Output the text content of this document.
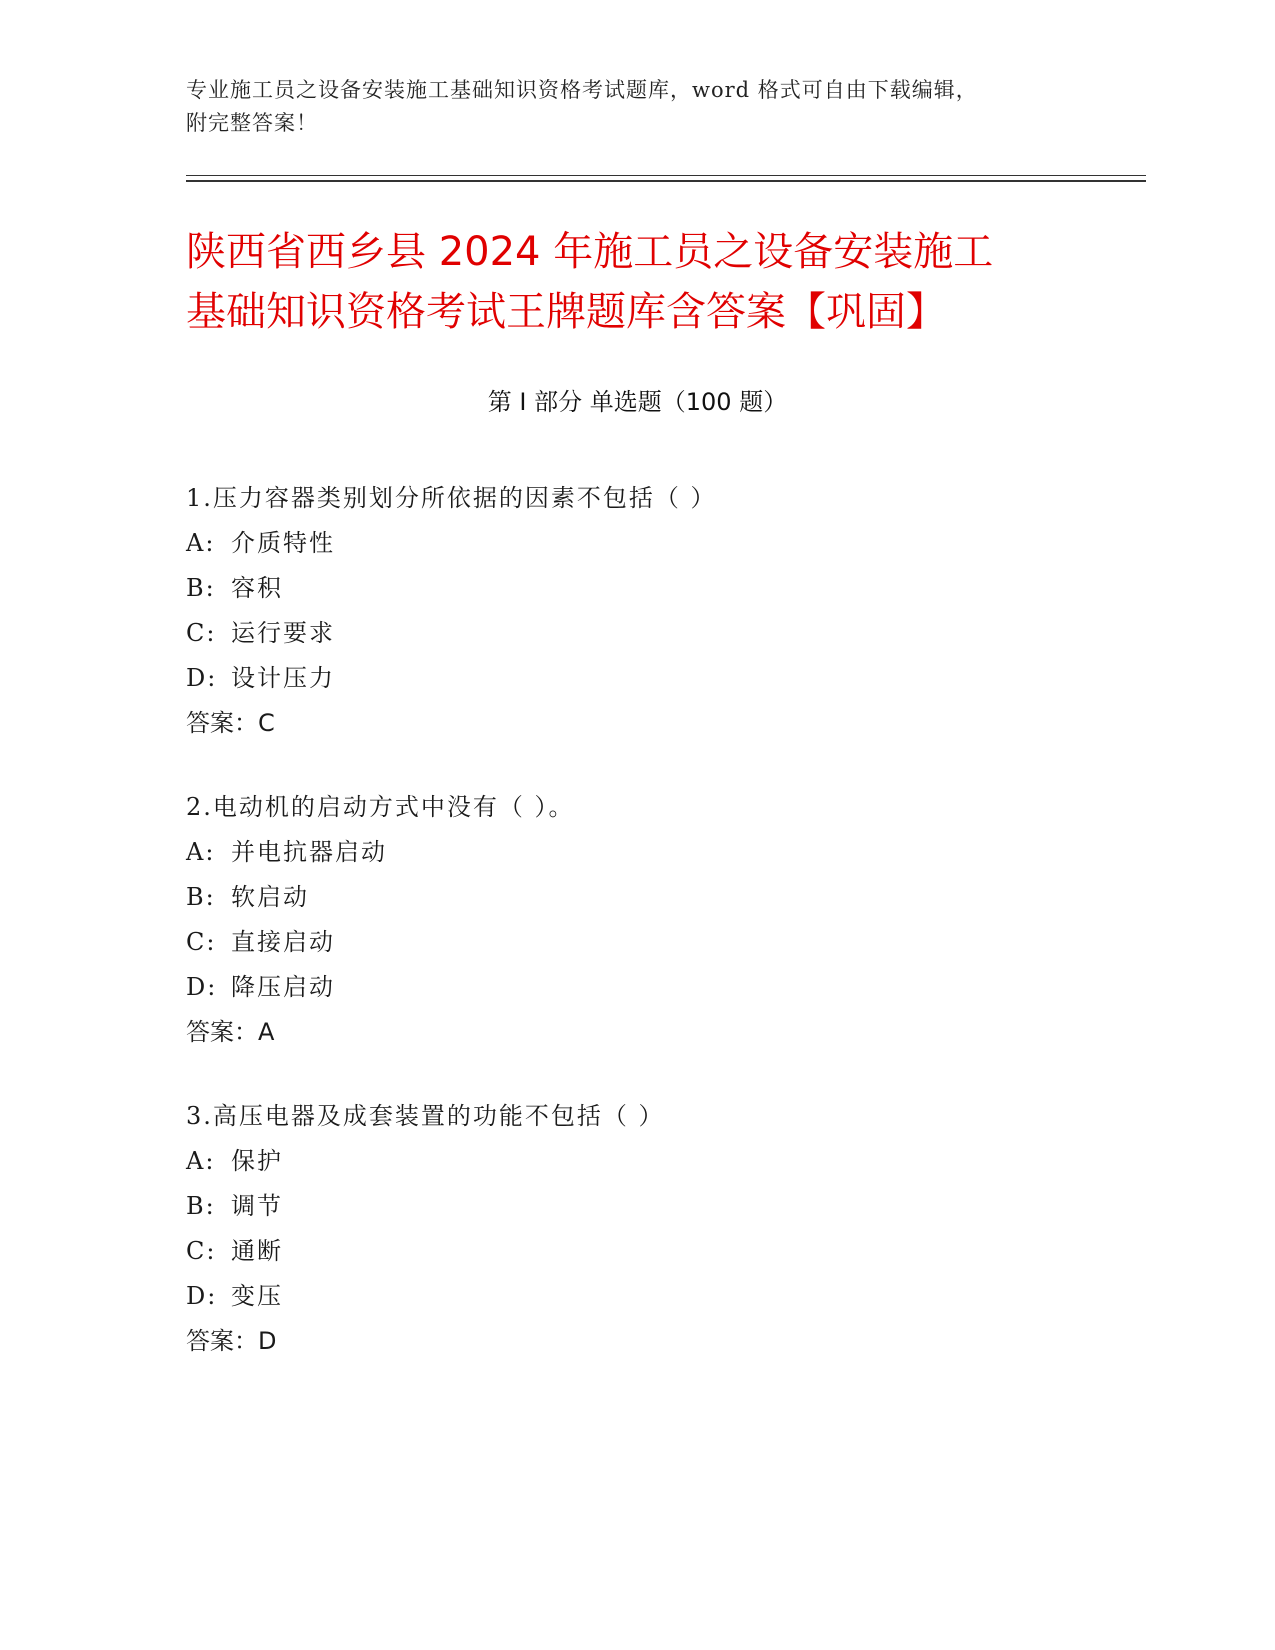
专业施工员之设备安装施工基础知识资格考试题库，word 格式可自由下载编辑，
附完整答案！
陕西省西乡县 2024 年施工员之设备安装施工
基础知识资格考试王牌题库含答案【巩固】
第 I 部分 单选题（100 题）
1.压力容器类别划分所依据的因素不包括（ ）
A: 介质特性
B: 容积
C: 运行要求
D: 设计压力
答案：C
2.电动机的启动方式中没有（ ）。
A: 并电抗器启动
B: 软启动
C: 直接启动
D: 降压启动
答案：A
3.高压电器及成套装置的功能不包括（ ）
A: 保护
B: 调节
C: 通断
D: 变压
答案：D
